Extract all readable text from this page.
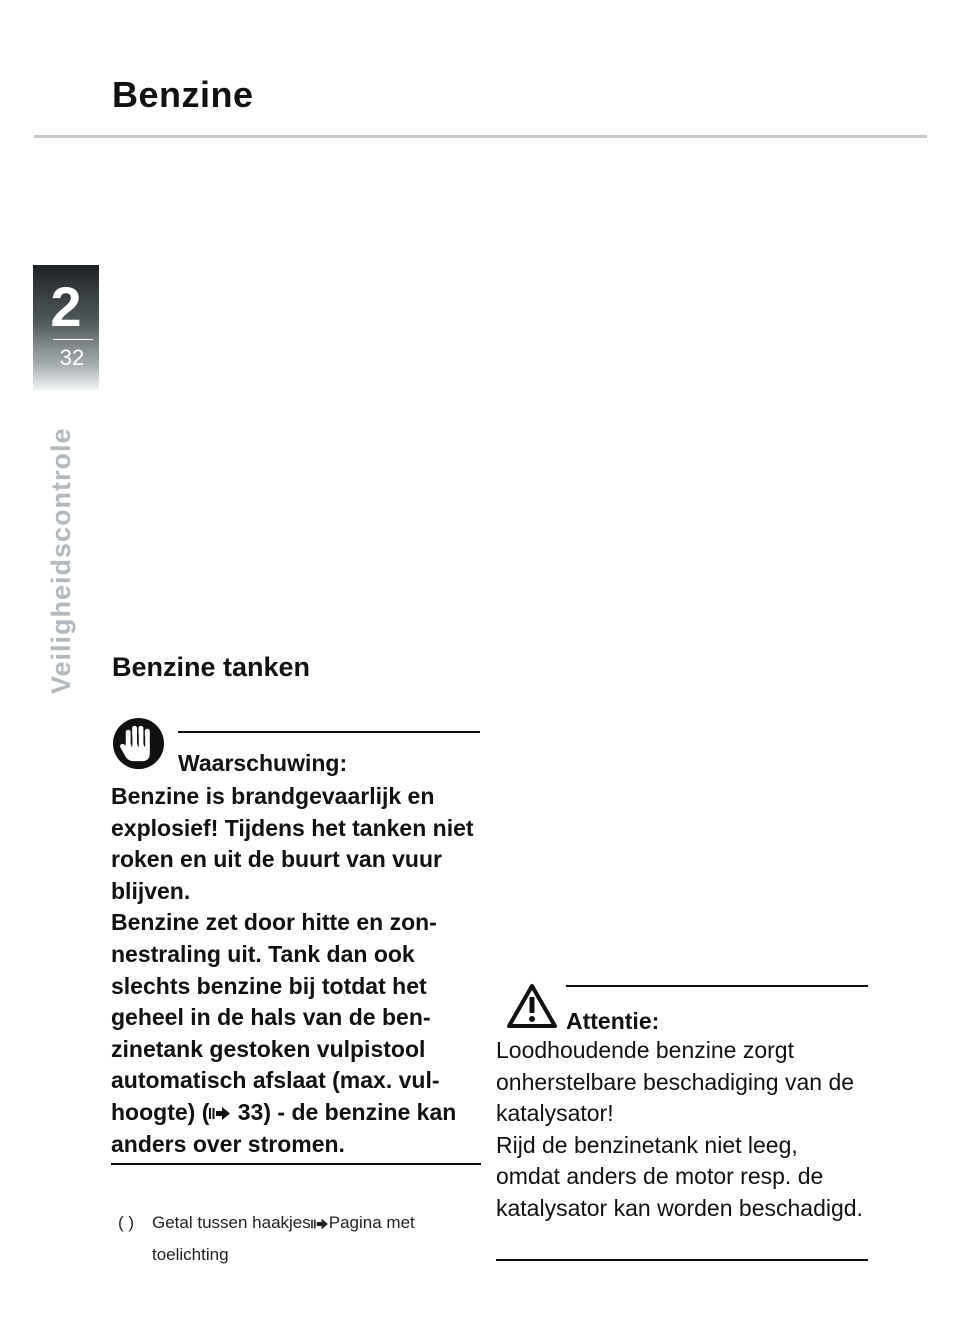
Benzine
2
32
Veiligheidscontrole Benzine tanken
Waarschuwing:
Benzine is brandgevaarlijk en explosief! Tijdens het tanken niet roken en uit de buurt van vuur blijven.
Benzine zet door hitte en zonnestraling uit. Tank dan ook slechts benzine bij totdat het geheel in de hals van de benzinetank gestoken vulpistool automatisch afslaat (max. vulhoogte) ( 33) - de benzine kan anders over stromen.
( ) Getal tussen haakjes Pagina met
toelichting
Attentie:
Loodhoudende benzine zorgt onherstelbare beschadiging van de katalysator!
Rijd de benzinetank niet leeg, omdat anders de motor resp. de katalysator kan worden beschadigd.
